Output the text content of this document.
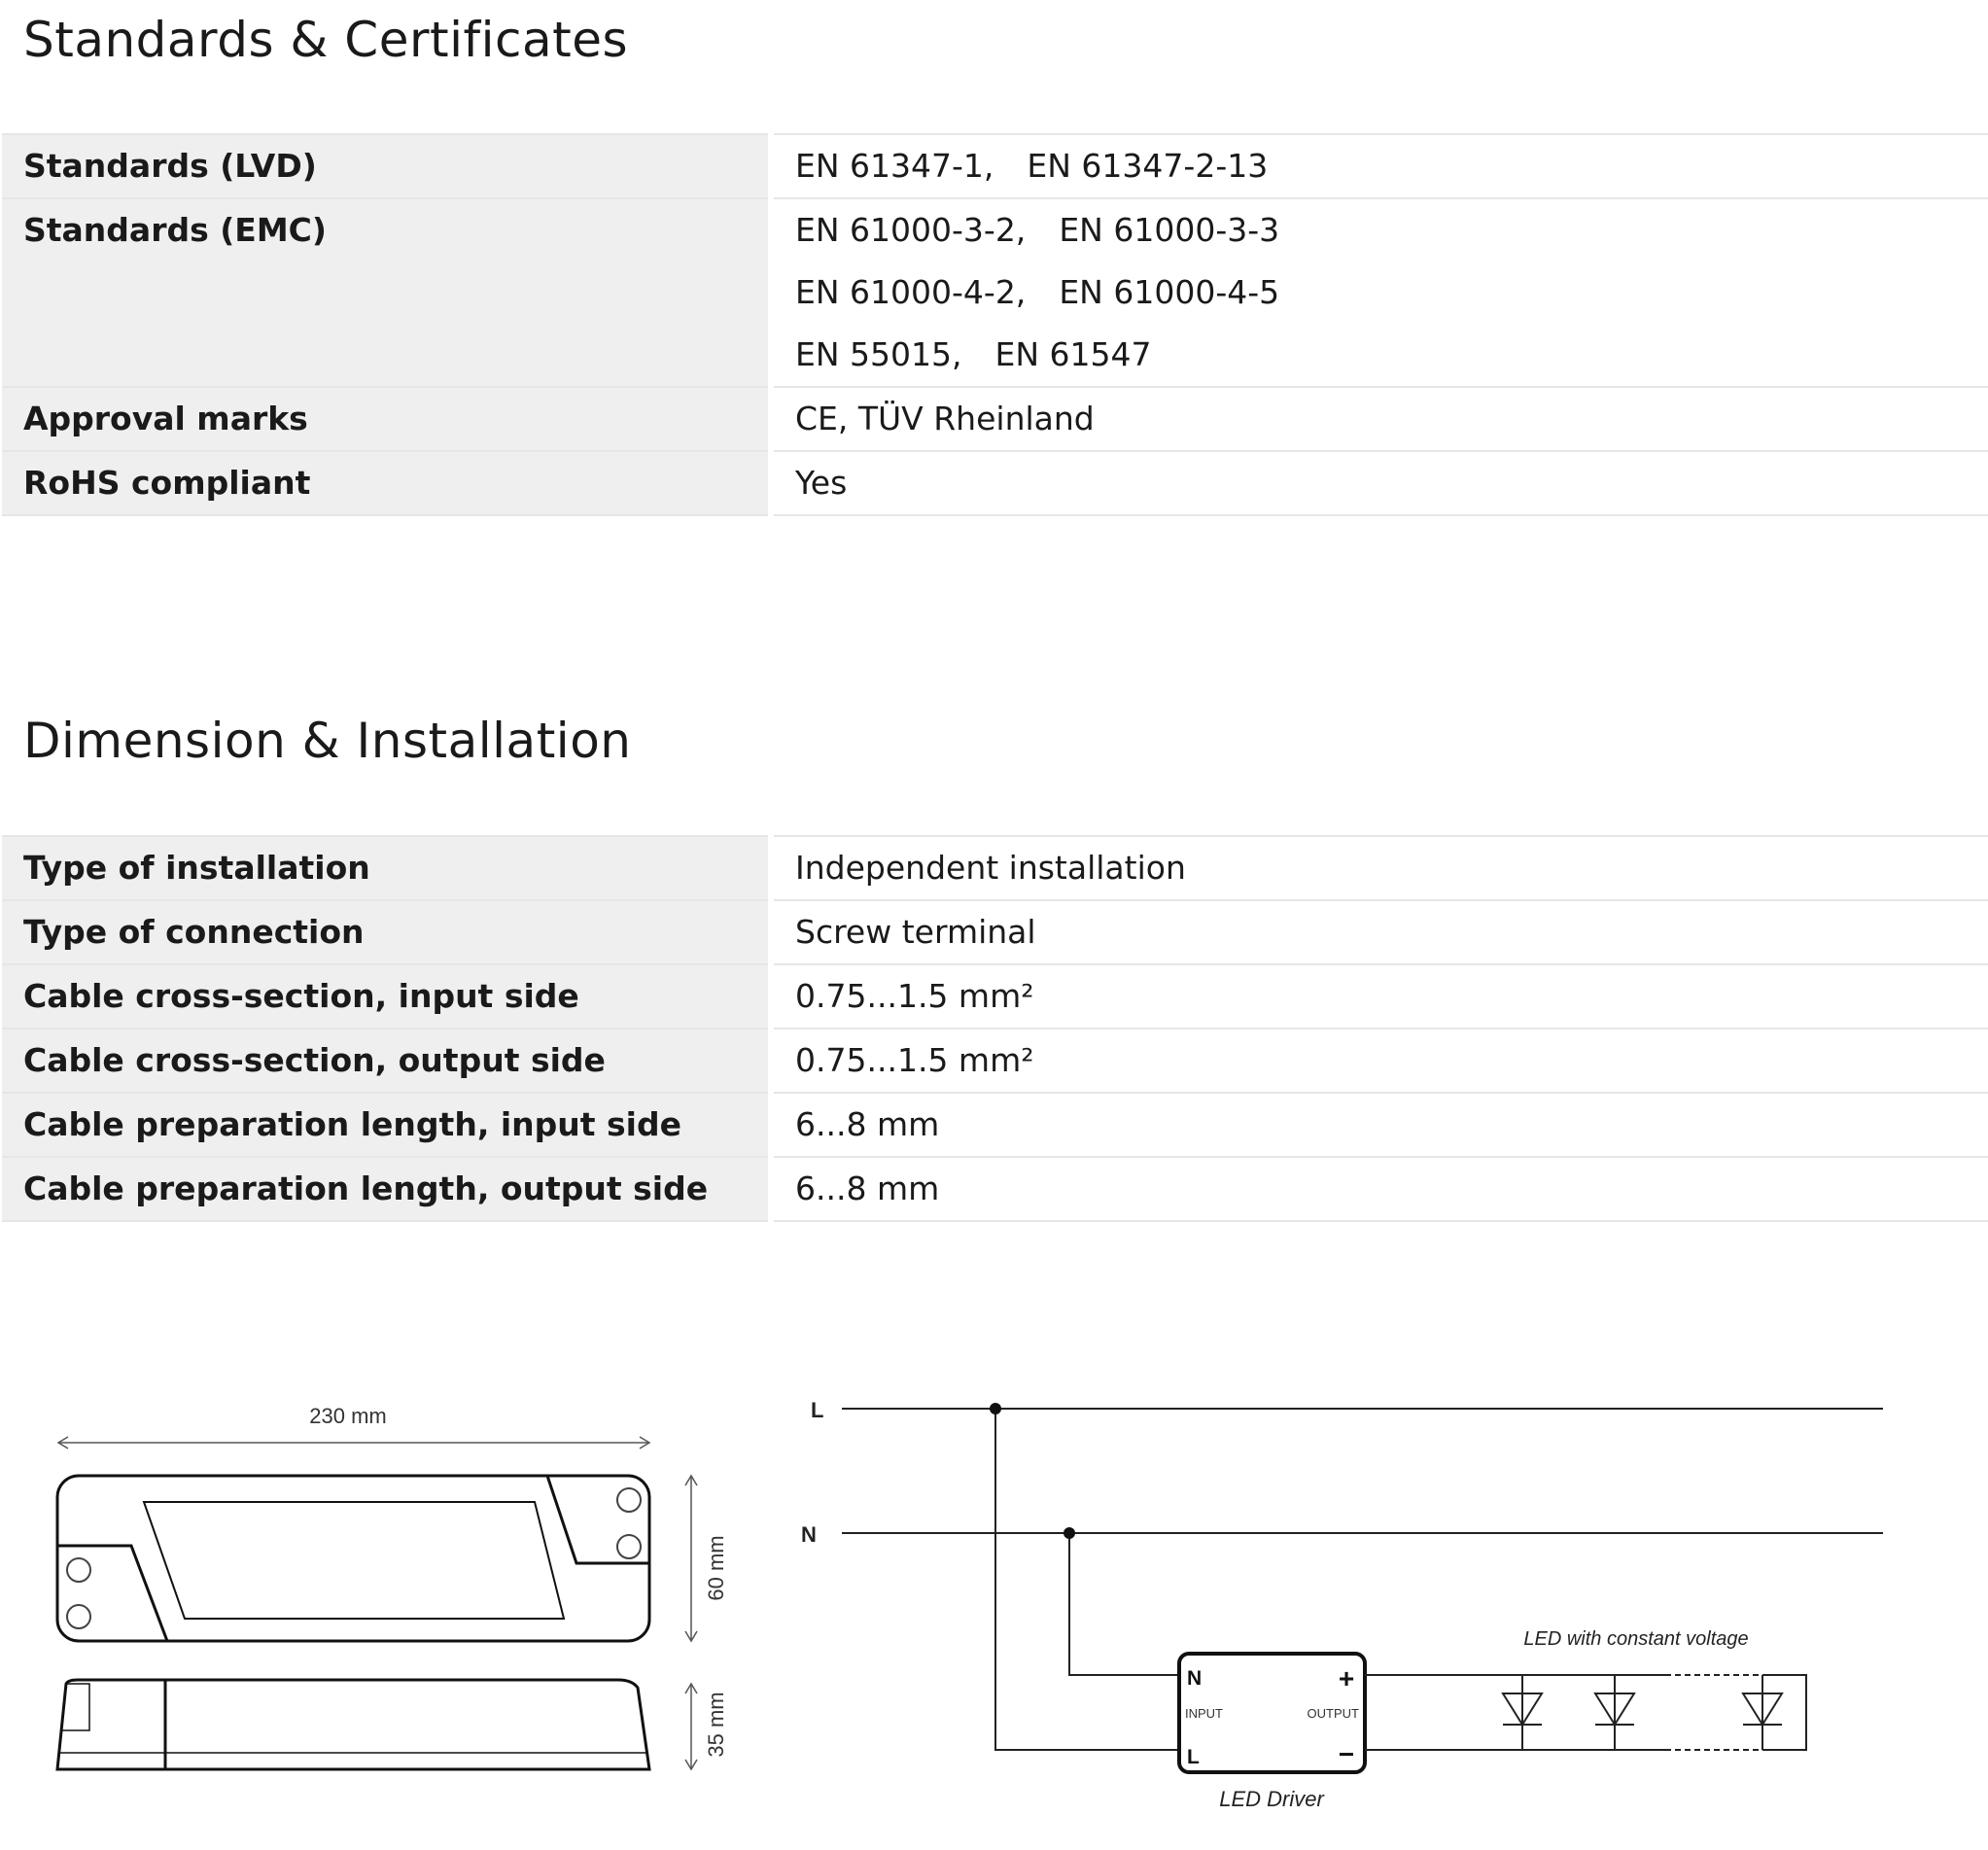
Standards & Certificates
Standards (LVD)	EN 61347-1, EN 61347-2-13

Standards (EMC)	EN 61000-3-2, EN 61000-3-3
EN 61000-4-2, EN 61000-4-5
EN 55015, EN 61547

Approval marks	CE, TÜV Rheinland

RoHS compliant	Yes
Dimension & Installation
Type of installation	Independent installation

Type of connection	Screw terminal

Cable cross-section, input side	0.75...1.5 mm²

Cable cross-section, output side	0.75...1.5 mm²

Cable preparation length, input side	6...8 mm

Cable preparation length, output side	6...8 mm
230 mm
60 mm
35 mm
L
N
N
L
+
−
INPUT	OUTPUT
LED Driver
LED with constant voltage
